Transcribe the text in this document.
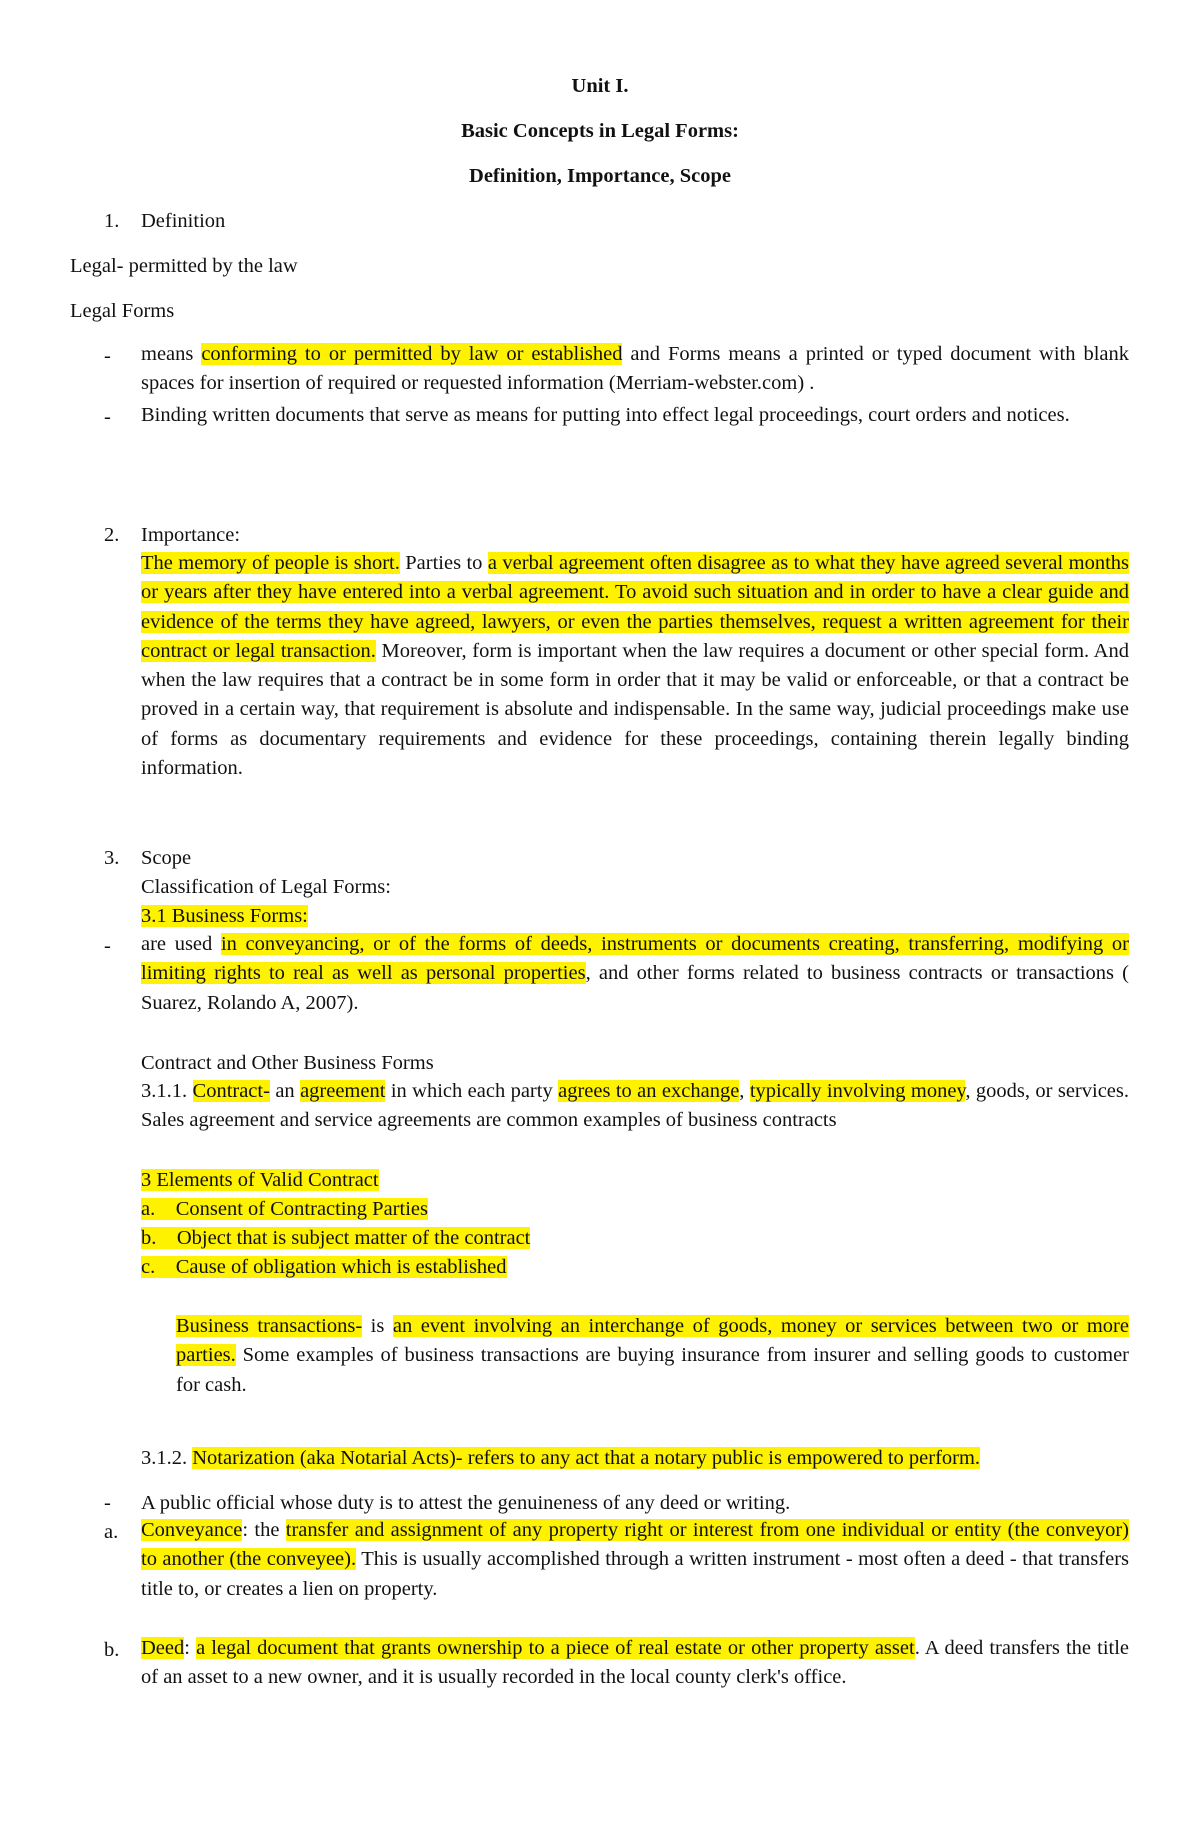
Unit I.
Basic Concepts in Legal Forms:
Definition, Importance, Scope
1. Definition
Legal- permitted by the law
Legal Forms
- means conforming to or permitted by law or established and Forms means a printed or typed document with blank spaces for insertion of required or requested information (Merriam-webster.com) .
- Binding written documents that serve as means for putting into effect legal proceedings, court orders and notices.
2. Importance:
The memory of people is short. Parties to a verbal agreement often disagree as to what they have agreed several months or years after they have entered into a verbal agreement. To avoid such situation and in order to have a clear guide and evidence of the terms they have agreed, lawyers, or even the parties themselves, request a written agreement for their contract or legal transaction. Moreover, form is important when the law requires a document or other special form. And when the law requires that a contract be in some form in order that it may be valid or enforceable, or that a contract be proved in a certain way, that requirement is absolute and indispensable. In the same way, judicial proceedings make use of forms as documentary requirements and evidence for these proceedings, containing therein legally binding information.
3. Scope
Classification of Legal Forms:
3.1 Business Forms:
- are used in conveyancing, or of the forms of deeds, instruments or documents creating, transferring, modifying or limiting rights to real as well as personal properties, and other forms related to business contracts or transactions ( Suarez, Rolando A, 2007).
Contract and Other Business Forms
3.1.1. Contract- an agreement in which each party agrees to an exchange, typically involving money, goods, or services. Sales agreement and service agreements are common examples of business contracts
3 Elements of Valid Contract
a. Consent of Contracting Parties
b. Object that is subject matter of the contract
c. Cause of obligation which is established
Business transactions- is an event involving an interchange of goods, money or services between two or more parties. Some examples of business transactions are buying insurance from insurer and selling goods to customer for cash.
3.1.2. Notarization (aka Notarial Acts)- refers to any act that a notary public is empowered to perform.
- A public official whose duty is to attest the genuineness of any deed or writing.
a. Conveyance: the transfer and assignment of any property right or interest from one individual or entity (the conveyor) to another (the conveyee). This is usually accomplished through a written instrument - most often a deed - that transfers title to, or creates a lien on property.
b. Deed: a legal document that grants ownership to a piece of real estate or other property asset. A deed transfers the title of an asset to a new owner, and it is usually recorded in the local county clerk's office.
